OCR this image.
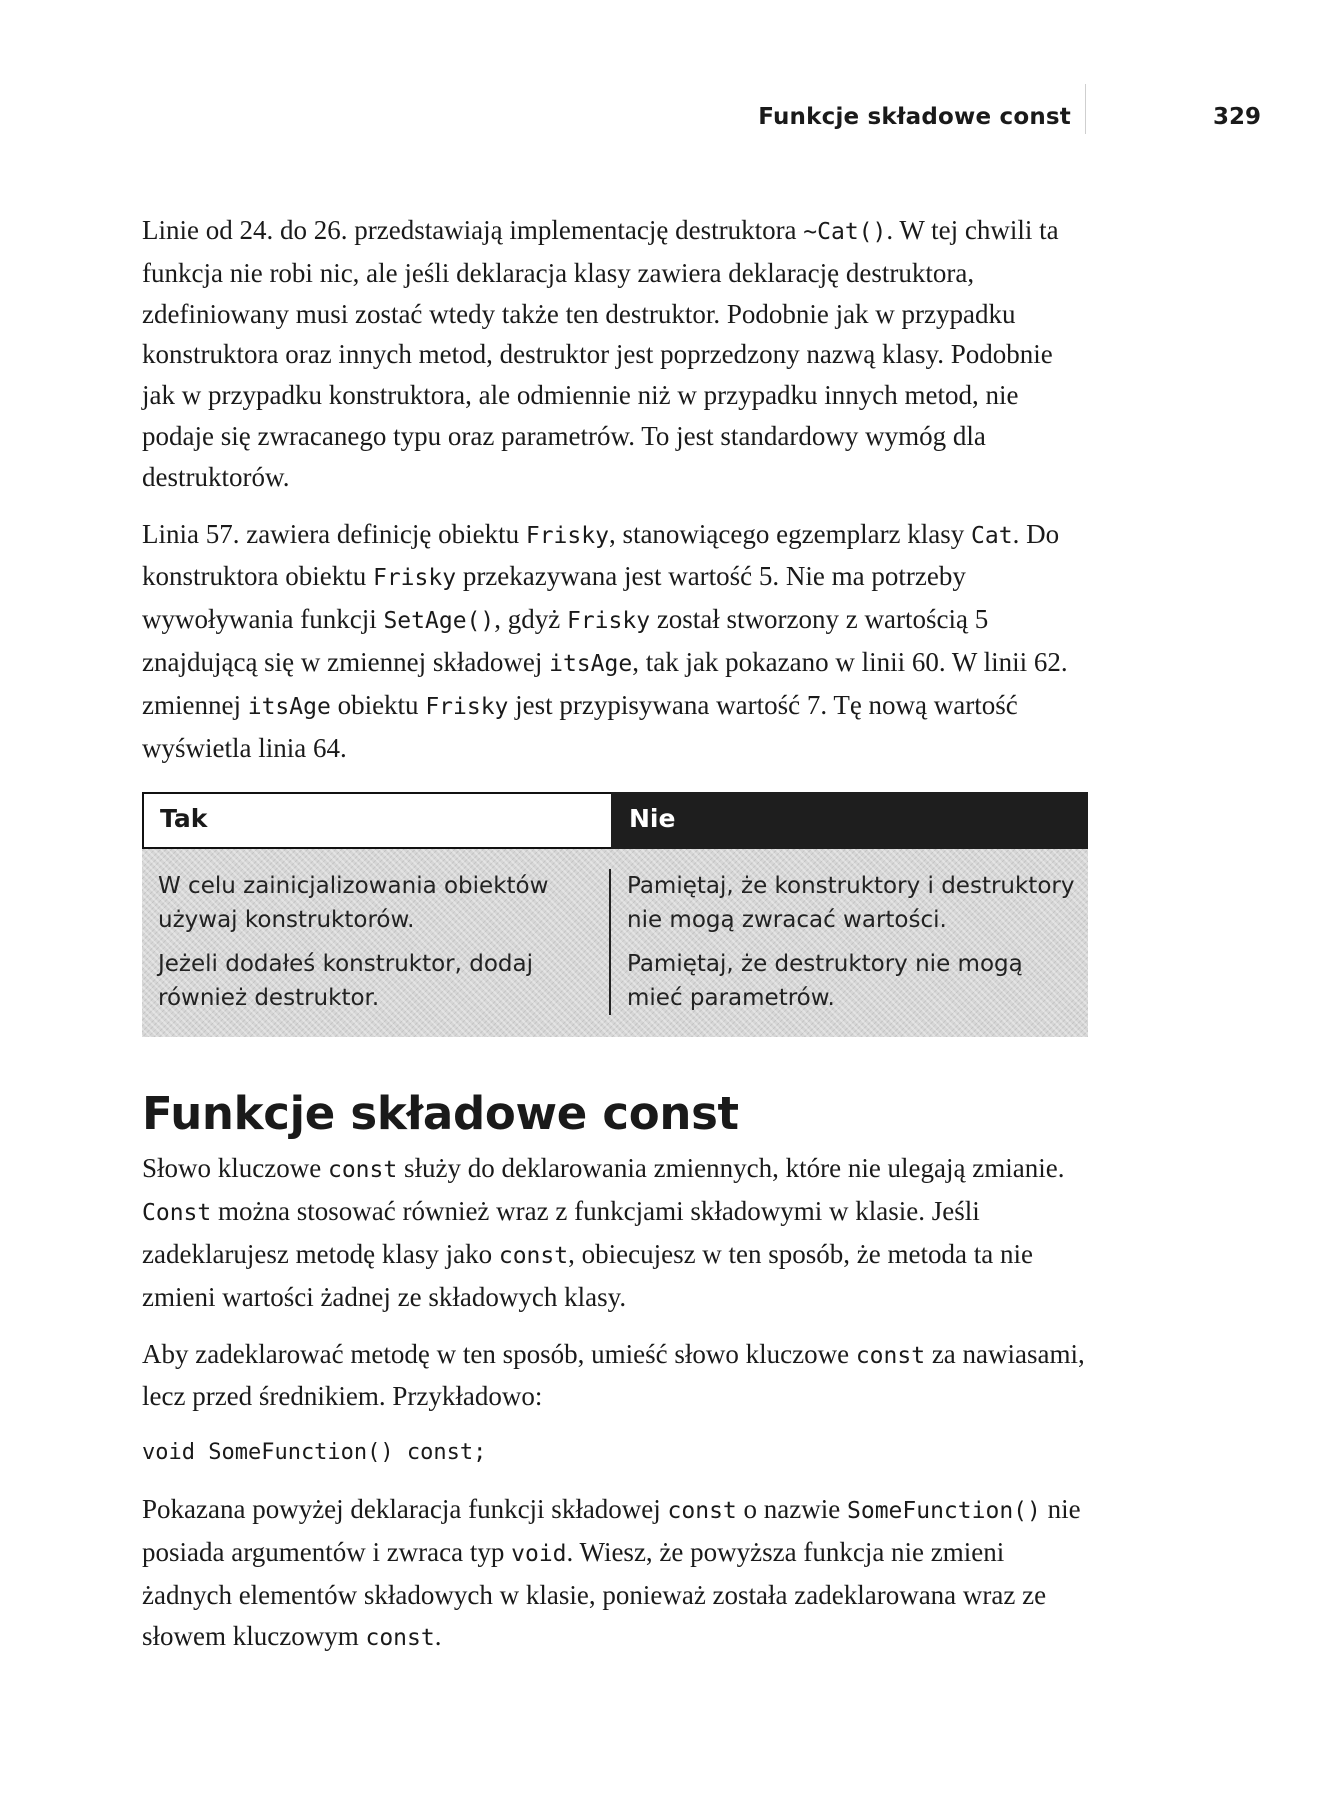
Funkcje składowe const	329

Linie od 24. do 26. przedstawiają implementację destruktora ~Cat(). W tej chwili ta funkcja nie robi nic, ale jeśli deklaracja klasy zawiera deklarację destruktora, zdefiniowany musi zostać wtedy także ten destruktor. Podobnie jak w przypadku konstruktora oraz innych metod, destruktor jest poprzedzony nazwą klasy. Podobnie jak w przypadku konstruktora, ale odmiennie niż w przypadku innych metod, nie podaje się zwracanego typu oraz parametrów. To jest standardowy wymóg dla destruktorów.

Linia 57. zawiera definicję obiektu Frisky, stanowiącego egzemplarz klasy Cat. Do konstruktora obiektu Frisky przekazywana jest wartość 5. Nie ma potrzeby wywoływania funkcji SetAge(), gdyż Frisky został stworzony z wartością 5 znajdującą się w zmiennej składowej itsAge, tak jak pokazano w linii 60. W linii 62. zmiennej itsAge obiektu Frisky jest przypisywana wartość 7. Tę nową wartość wyświetla linia 64.

Tak	Nie
W celu zainicjalizowania obiektów używaj konstruktorów.
Jeżeli dodałeś konstruktor, dodaj również destruktor.
Pamiętaj, że konstruktory i destruktory nie mogą zwracać wartości.
Pamiętaj, że destruktory nie mogą mieć parametrów.
Funkcje składowe const

Słowo kluczowe const służy do deklarowania zmiennych, które nie ulegają zmianie. Const można stosować również wraz z funkcjami składowymi w klasie. Jeśli zadeklarujesz metodę klasy jako const, obiecujesz w ten sposób, że metoda ta nie zmieni wartości żadnej ze składowych klasy.

Aby zadeklarować metodę w ten sposób, umieść słowo kluczowe const za nawiasami, lecz przed średnikiem. Przykładowo:

void SomeFunction() const;

Pokazana powyżej deklaracja funkcji składowej const o nazwie SomeFunction() nie posiada argumentów i zwraca typ void. Wiesz, że powyższa funkcja nie zmieni żadnych elementów składowych w klasie, ponieważ została zadeklarowana wraz ze słowem kluczowym const.
